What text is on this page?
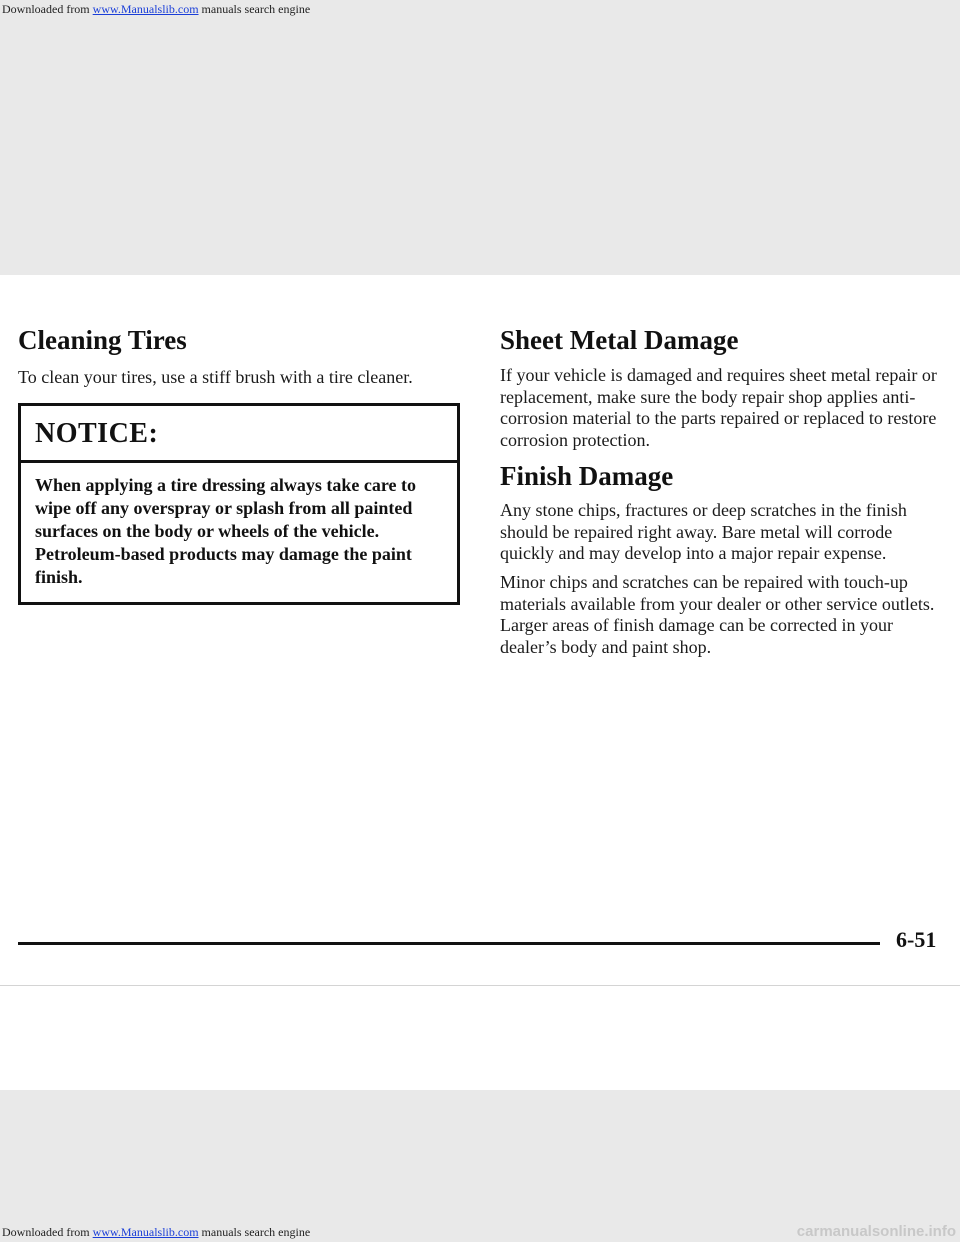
Downloaded from www.Manualslib.com manuals search engine
Cleaning Tires

To clean your tires, use a stiff brush with a tire cleaner.

NOTICE:

When applying a tire dressing always take care to wipe off any overspray or splash from all painted surfaces on the body or wheels of the vehicle. Petroleum-based products may damage the paint finish.

Sheet Metal Damage

If your vehicle is damaged and requires sheet metal repair or replacement, make sure the body repair shop applies anti-corrosion material to the parts repaired or replaced to restore corrosion protection.

Finish Damage

Any stone chips, fractures or deep scratches in the finish should be repaired right away. Bare metal will corrode quickly and may develop into a major repair expense.

Minor chips and scratches can be repaired with touch-up materials available from your dealer or other service outlets. Larger areas of finish damage can be corrected in your dealer’s body and paint shop.

6-51

Downloaded from www.Manualslib.com manuals search engine	carmanualsonline.info
